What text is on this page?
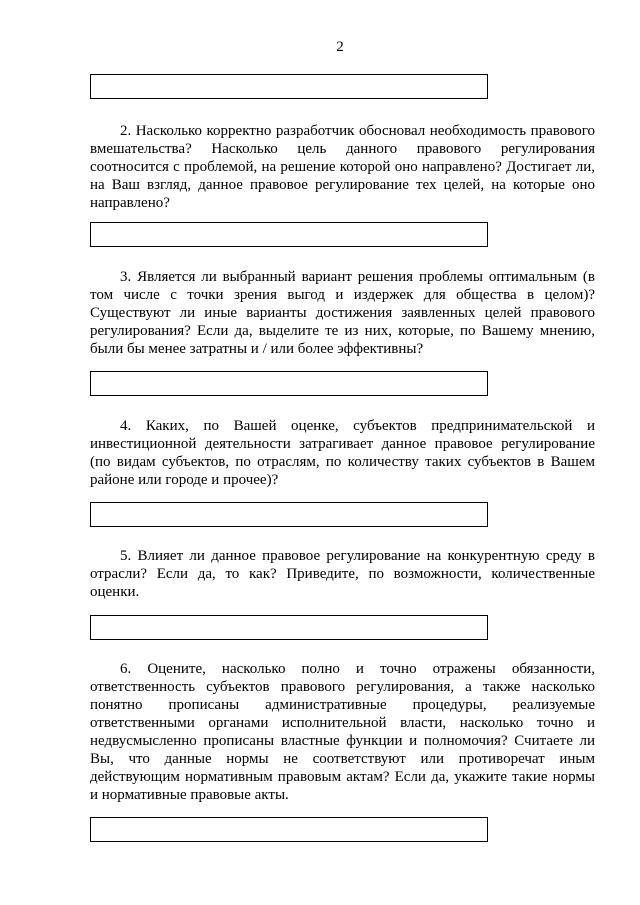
2

2. Насколько корректно разработчик обосновал необходимость правового вмешательства? Насколько цель данного правового регулирования соотносится с проблемой, на решение которой оно направлено? Достигает ли, на Ваш взгляд, данное правовое регулирование тех целей, на которые оно направлено?

3. Является ли выбранный вариант решения проблемы оптимальным (в том числе с точки зрения выгод и издержек для общества в целом)? Существуют ли иные варианты достижения заявленных целей правового регулирования? Если да, выделите те из них, которые, по Вашему мнению, были бы менее затратны и / или более эффективны?

4. Каких, по Вашей оценке, субъектов предпринимательской и инвестиционной деятельности затрагивает данное правовое регулирование (по видам субъектов, по отраслям, по количеству таких субъектов в Вашем районе или городе и прочее)?

5. Влияет ли данное правовое регулирование на конкурентную среду в отрасли? Если да, то как? Приведите, по возможности, количественные оценки.

6. Оцените, насколько полно и точно отражены обязанности, ответственность субъектов правового регулирования, а также насколько понятно прописаны административные процедуры, реализуемые ответственными органами исполнительной власти, насколько точно и недвусмысленно прописаны властные функции и полномочия? Считаете ли Вы, что данные нормы не соответствуют или противоречат иным действующим нормативным правовым актам? Если да, укажите такие нормы и нормативные правовые акты.
